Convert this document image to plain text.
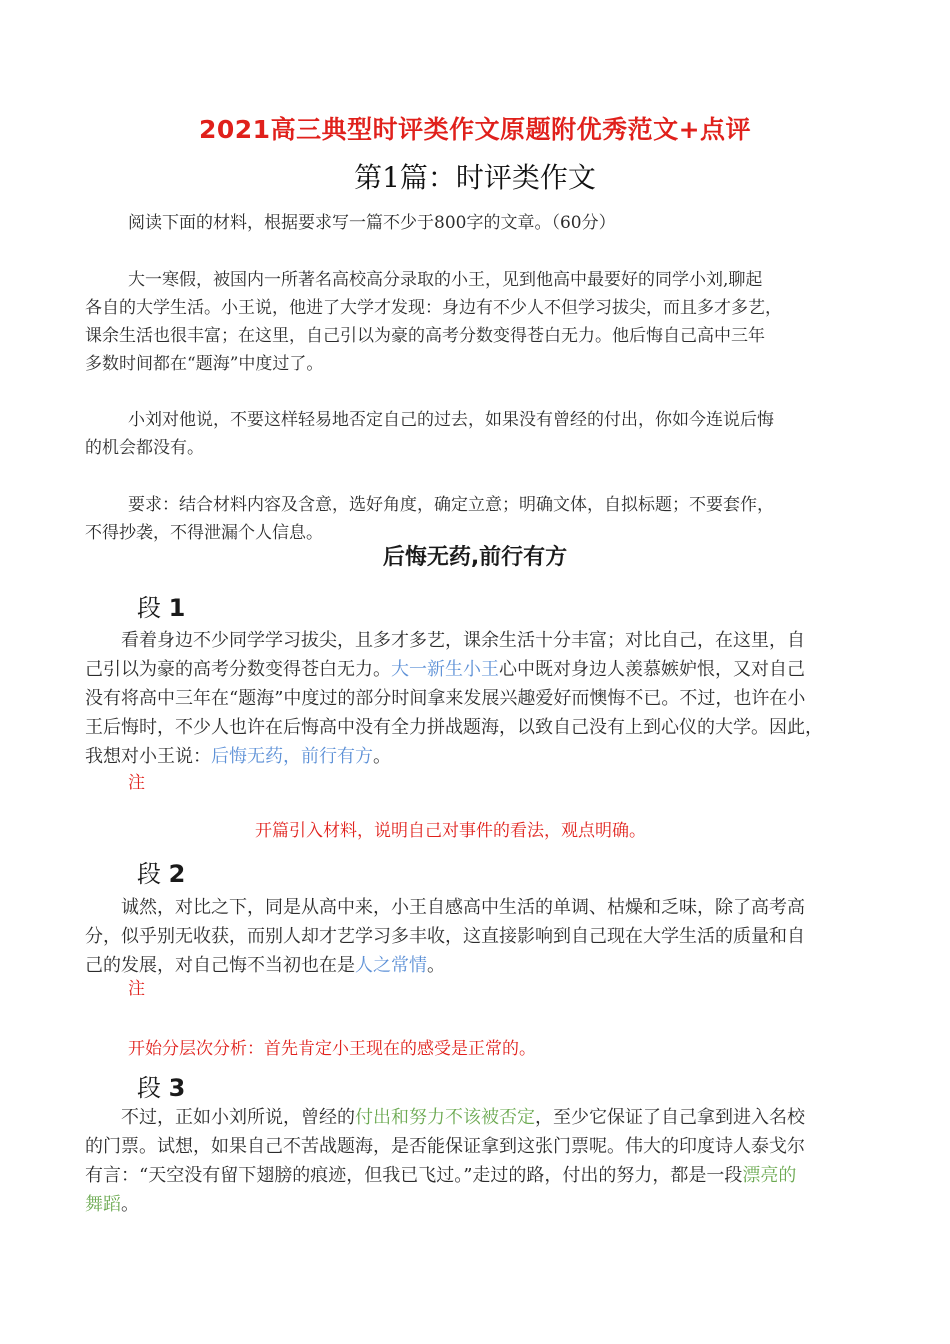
2021高三典型时评类作文原题附优秀范文+点评
第1篇：时评类作文
阅读下面的材料，根据要求写一篇不少于800字的文章。（60分）
大一寒假，被国内一所著名高校高分录取的小王，见到他高中最要好的同学小刘,聊起
各自的大学生活。小王说，他进了大学才发现：身边有不少人不但学习拔尖，而且多才多艺，
课余生活也很丰富；在这里，自己引以为豪的高考分数变得苍白无力。他后悔自己高中三年
多数时间都在“题海”中度过了。
小刘对他说，不要这样轻易地否定自己的过去，如果没有曾经的付出，你如今连说后悔
的机会都没有。
要求：结合材料内容及含意，选好角度，确定立意；明确文体，自拟标题；不要套作，
不得抄袭，不得泄漏个人信息。
后悔无药,前行有方
段 1
看着身边不少同学学习拔尖，且多才多艺，课余生活十分丰富；对比自己，在这里，自
己引以为豪的高考分数变得苍白无力。大一新生小王心中既对身边人羡慕嫉妒恨，又对自己
没有将高中三年在“题海”中度过的部分时间拿来发展兴趣爱好而懊悔不已。不过，也许在小
王后悔时，不少人也许在后悔高中没有全力拼战题海，以致自己没有上到心仪的大学。因此，
我想对小王说：后悔无药，前行有方。
注
开篇引入材料，说明自己对事件的看法，观点明确。
段 2
诚然，对比之下，同是从高中来，小王自感高中生活的单调、枯燥和乏味，除了高考高
分，似乎别无收获，而别人却才艺学习多丰收，这直接影响到自己现在大学生活的质量和自
己的发展，对自己悔不当初也在是人之常情。
注
开始分层次分析：首先肯定小王现在的感受是正常的。
段 3
不过，正如小刘所说，曾经的付出和努力不该被否定，至少它保证了自己拿到进入名校
的门票。试想，如果自己不苦战题海，是否能保证拿到这张门票呢。伟大的印度诗人泰戈尔
有言：“天空没有留下翅膀的痕迹，但我已飞过。”走过的路，付出的努力，都是一段漂亮的
舞蹈。
